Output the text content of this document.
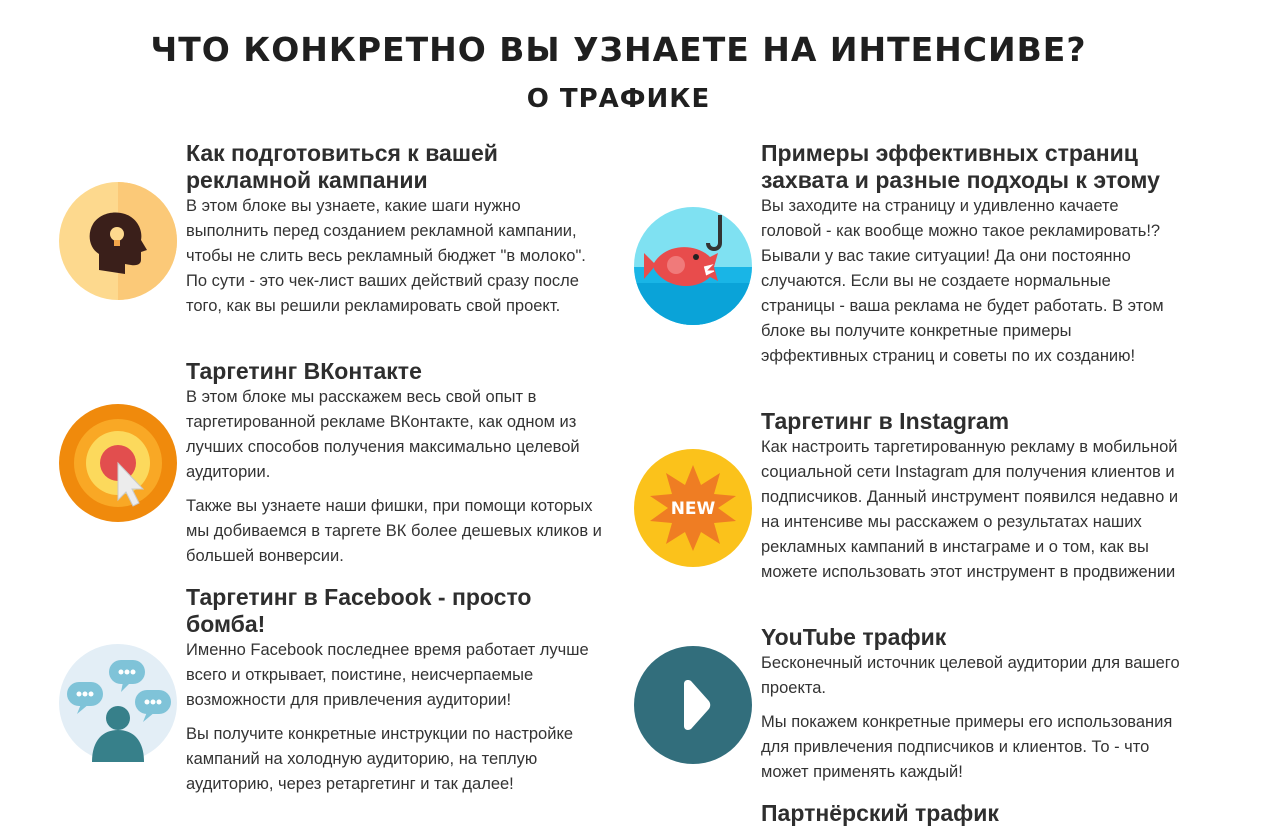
ЧТО КОНКРЕТНО ВЫ УЗНАЕТЕ НА ИНТЕНСИВЕ?
О ТРАФИКЕ
Как подготовиться к вашей рекламной кампании

В этом блоке вы узнаете, какие шаги нужно выполнить перед созданием рекламной кампании, чтобы не слить весь рекламный бюджет "в молоко". По сути - это чек-лист ваших действий сразу после того, как вы решили рекламировать свой проект.

Таргетинг ВКонтакте

В этом блоке мы расскажем весь свой опыт в таргетированной рекламе ВКонтакте, как одном из лучших способов получения максимально целевой аудитории.

Также вы узнаете наши фишки, при помощи которых мы добиваемся в таргете ВК более дешевых кликов и большей вонверсии.

Таргетинг в Facebook - просто бомба!

Именно Facebook последнее время работает лучше всего и открывает, поистине, неисчерпаемые возможности для привлечения аудитории!

Вы получите конкретные инструкции по настройке кампаний на холодную аудиторию, на теплую аудиторию, через ретаргетинг и так далее!

Примеры эффективных страниц захвата и разные подходы к этому

Вы заходите на страницу и удивленно качаете головой - как вообще можно такое рекламировать!? Бывали у вас такие ситуации! Да они постоянно случаются. Если вы не создаете нормальные страницы - ваша реклама не будет работать. В этом блоке вы получите конкретные примеры эффективных страниц и советы по их созданию!

NEW
Таргетинг в Instagram

Как настроить таргетированную рекламу в мобильной социальной сети Instagram для получения клиентов и подписчиков. Данный инструмент появился недавно и на интенсиве мы расскажем о результатах наших рекламных кампаний в инстаграме и о том, как вы можете использовать этот инструмент в продвижении

YouTube трафик

Бесконечный источник целевой аудитории для вашего проекта.

Мы покажем конкретные примеры его использования для привлечения подписчиков и клиентов. То - что может применять каждый!

Партнёрский трафик
